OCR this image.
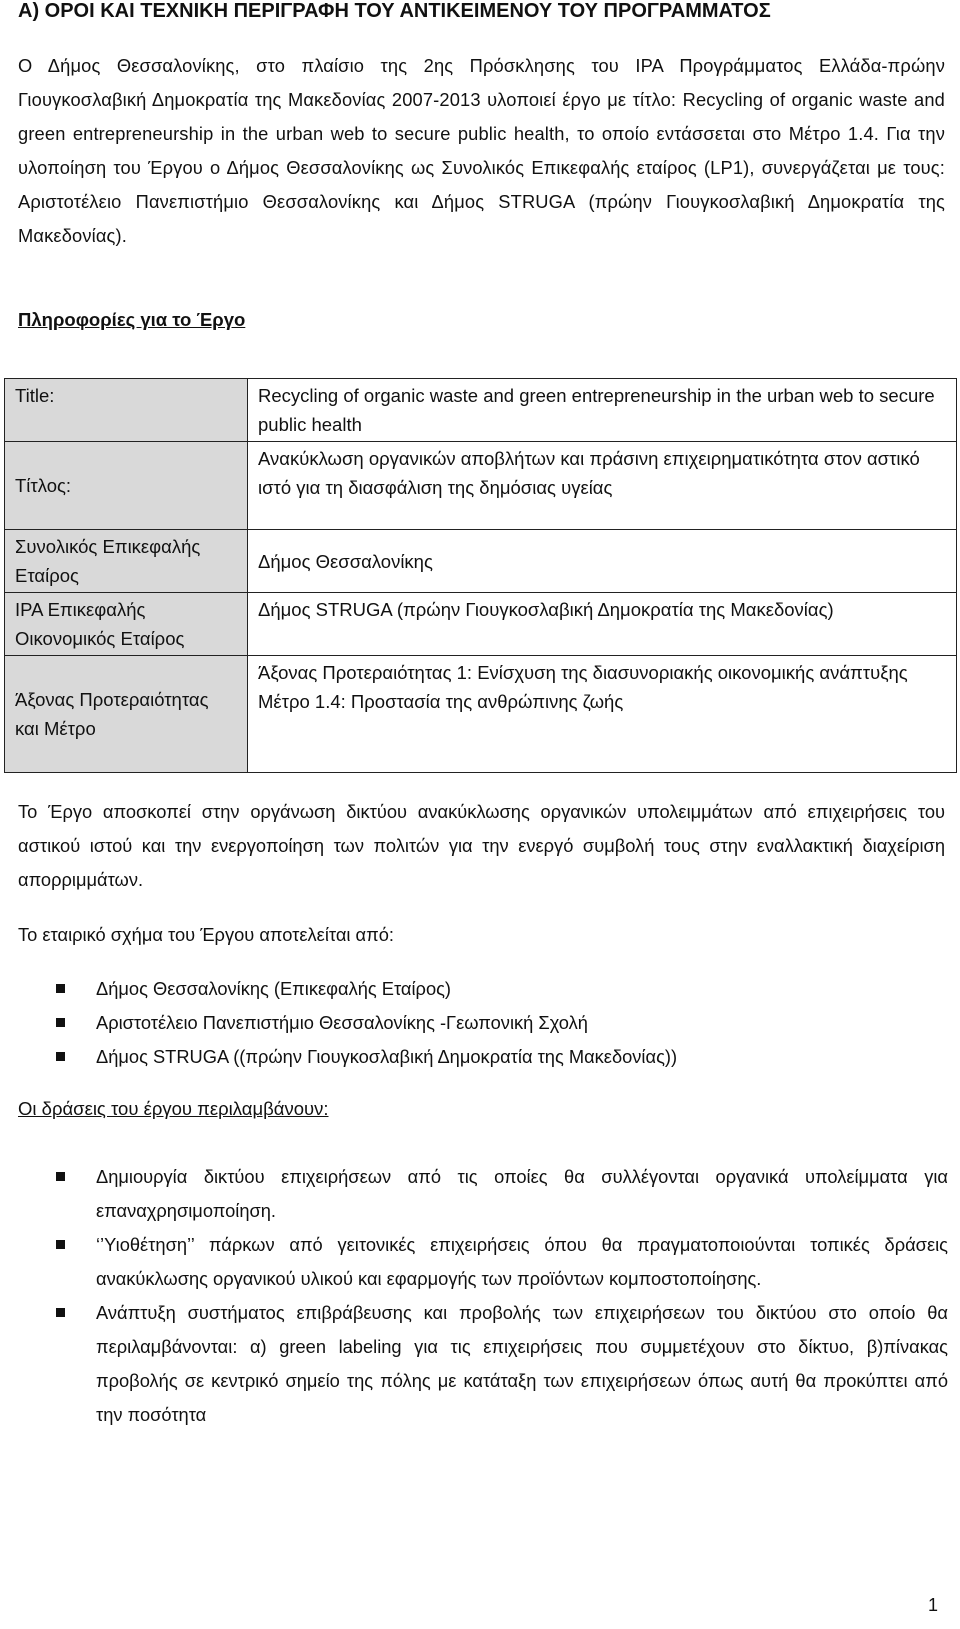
Α) ΟΡΟΙ ΚΑΙ ΤΕΧΝΙΚΗ ΠΕΡΙΓΡΑΦΗ ΤΟΥ ΑΝΤΙΚΕΙΜΕΝΟΥ ΤΟΥ ΠΡΟΓΡΑΜΜΑΤΟΣ

Ο Δήμος Θεσσαλονίκης, στο πλαίσιο της 2ης Πρόσκλησης του IPA Προγράμματος Ελλάδα-πρώην Γιουγκοσλαβική Δημοκρατία της Μακεδονίας 2007-2013 υλοποιεί έργο με τίτλο: Recycling of organic waste and green entrepreneurship in the urban web to secure public health, το οποίο εντάσσεται στο Μέτρο 1.4. Για την υλοποίηση του Έργου ο Δήμος Θεσσαλονίκης ως Συνολικός Επικεφαλής εταίρος (LP1), συνεργάζεται με τους: Αριστοτέλειο Πανεπιστήμιο Θεσσαλονίκης και Δήμος STRUGA (πρώην Γιουγκοσλαβική Δημοκρατία της Μακεδονίας).

Πληροφορίες για το Έργο
Title:	Recycling of organic waste and green entrepreneurship in the urban web to secure public health
Τίτλος:	Ανακύκλωση οργανικών αποβλήτων και πράσινη επιχειρηματικότητα στον αστικό ιστό για τη διασφάλιση της δημόσιας υγείας
Συνολικός Επικεφαλής Εταίρος	Δήμος Θεσσαλονίκης
IPA Επικεφαλής Οικονομικός Εταίρος	Δήμος STRUGA (πρώην Γιουγκοσλαβική Δημοκρατία της Μακεδονίας)
Άξονας Προτεραιότητας και Μέτρο	Άξονας Προτεραιότητας 1: Ενίσχυση της διασυνοριακής οικονομικής ανάπτυξης
Μέτρο 1.4: Προστασία της ανθρώπινης ζωής

Το Έργο αποσκοπεί στην οργάνωση δικτύου ανακύκλωσης οργανικών υπολειμμάτων από επιχειρήσεις του αστικού ιστού και την ενεργοποίηση των πολιτών για την ενεργό συμβολή τους στην εναλλακτική διαχείριση απορριμμάτων.

Το εταιρικό σχήμα του Έργου αποτελείται από:

Δήμος Θεσσαλονίκης (Επικεφαλής Εταίρος)
Αριστοτέλειο Πανεπιστήμιο Θεσσαλονίκης -Γεωπονική Σχολή
Δήμος STRUGA ((πρώην Γιουγκοσλαβική Δημοκρατία της Μακεδονίας))
Οι δράσεις του έργου περιλαμβάνουν:
Δημιουργία δικτύου επιχειρήσεων από τις οποίες θα συλλέγονται οργανικά υπολείμματα για επαναχρησιμοποίηση.
‘’Υιοθέτηση’’ πάρκων από γειτονικές επιχειρήσεις όπου θα πραγματοποιούνται τοπικές δράσεις ανακύκλωσης οργανικού υλικού και εφαρμογής των προϊόντων κομποστοποίησης.
Ανάπτυξη συστήματος επιβράβευσης και προβολής των επιχειρήσεων του δικτύου στο οποίο θα περιλαμβάνονται: α) green labeling για τις επιχειρήσεις που συμμετέχουν στο δίκτυο, β)πίνακας προβολής σε κεντρικό σημείο της πόλης με κατάταξη των επιχειρήσεων όπως αυτή θα προκύπτει από την ποσότητα
1
